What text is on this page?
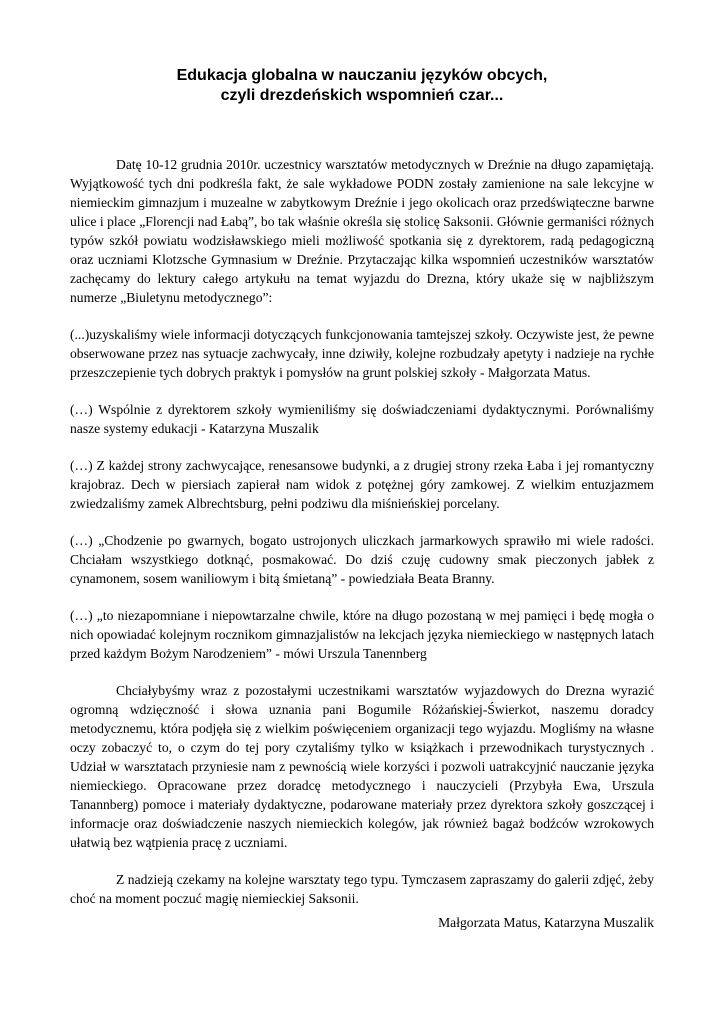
Edukacja globalna w nauczaniu języków obcych,
czyli drezdeńskich wspomnień czar...

Datę 10-12 grudnia 2010r. uczestnicy warsztatów metodycznych w Dreźnie na długo zapamiętają. Wyjątkowość tych dni podkreśla fakt, że sale wykładowe PODN zostały zamienione na sale lekcyjne w niemieckim gimnazjum i muzealne w zabytkowym Dreźnie i jego okolicach oraz przedświąteczne barwne ulice i place „Florencji nad Łabą”, bo tak właśnie określa się stolicę Saksonii. Głównie germaniści różnych typów szkół powiatu wodzisławskiego mieli możliwość spotkania się z dyrektorem, radą pedagogiczną oraz uczniami Klotzsche Gymnasium w Dreźnie. Przytaczając kilka wspomnień uczestników warsztatów zachęcamy do lektury całego artykułu na temat wyjazdu do Drezna, który ukaże się w najbliższym numerze „Biuletynu metodycznego”:

(...)uzyskaliśmy wiele informacji dotyczących funkcjonowania tamtejszej szkoły. Oczywiste jest, że pewne obserwowane przez nas sytuacje zachwycały, inne dziwiły, kolejne rozbudzały apetyty i nadzieje na rychłe przeszczepienie tych dobrych praktyk i pomysłów na grunt polskiej szkoły - Małgorzata Matus.

(…) Wspólnie z dyrektorem szkoły wymieniliśmy się doświadczeniami dydaktycznymi. Porównaliśmy nasze systemy edukacji - Katarzyna Muszalik

(…) Z każdej strony zachwycające, renesansowe budynki, a z drugiej strony rzeka Łaba i jej romantyczny krajobraz. Dech w piersiach zapierał nam widok z potężnej góry zamkowej. Z wielkim entuzjazmem zwiedzaliśmy zamek Albrechtsburg, pełni podziwu dla miśnieńskiej porcelany.

(…) „Chodzenie po gwarnych, bogato ustrojonych uliczkach jarmarkowych sprawiło mi wiele radości. Chciałam wszystkiego dotknąć, posmakować. Do dziś czuję cudowny smak pieczonych jabłek z cynamonem, sosem waniliowym i bitą śmietaną” - powiedziała Beata Branny.

(…) „to niezapomniane i niepowtarzalne chwile, które na długo pozostaną w mej pamięci i będę mogła o nich opowiadać kolejnym rocznikom gimnazjalistów na lekcjach języka niemieckiego w następnych latach przed każdym Bożym Narodzeniem” - mówi Urszula Tanennberg

Chciałybyśmy wraz z pozostałymi uczestnikami warsztatów wyjazdowych do Drezna wyrazić ogromną wdzięczność i słowa uznania pani Bogumile Różańskiej-Świerkot, naszemu doradcy metodycznemu, która podjęła się z wielkim poświęceniem organizacji tego wyjazdu. Mogliśmy na własne oczy zobaczyć to, o czym do tej pory czytaliśmy tylko w książkach i przewodnikach turystycznych . Udział w warsztatach przyniesie nam z pewnością wiele korzyści i pozwoli uatrakcyjnić nauczanie języka niemieckiego. Opracowane przez doradcę metodycznego i nauczycieli (Przybyła Ewa, Urszula Tanannberg) pomoce i materiały dydaktyczne, podarowane materiały przez dyrektora szkoły goszczącej i informacje oraz doświadczenie naszych niemieckich kolegów, jak również bagaż bodźców wzrokowych ułatwią bez wątpienia pracę z uczniami.

Z nadzieją czekamy na kolejne warsztaty tego typu. Tymczasem zapraszamy do galerii zdjęć, żeby choć na moment poczuć magię niemieckiej Saksonii.

Małgorzata Matus, Katarzyna Muszalik
